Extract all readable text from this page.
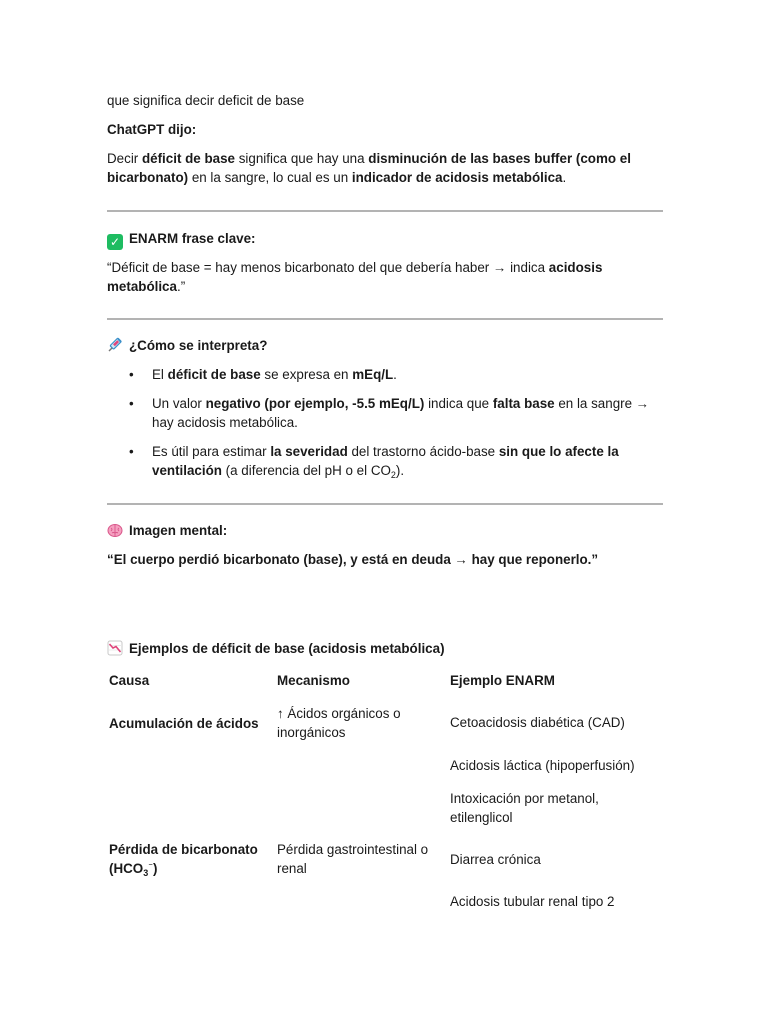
que significa decir deficit de base

ChatGPT dijo:

Decir déficit de base significa que hay una disminución de las bases buffer (como el bicarbonato) en la sangre, lo cual es un indicador de acidosis metabólica.

✓ ENARM frase clave:

“Déficit de base = hay menos bicarbonato del que debería haber → indica acidosis metabólica.”

¿Cómo se interpreta?

• El déficit de base se expresa en mEq/L.
• Un valor negativo (por ejemplo, -5.5 mEq/L) indica que falta base en la sangre → hay acidosis metabólica.
• Es útil para estimar la severidad del trastorno ácido-base sin que lo afecte la ventilación (a diferencia del pH o el $CO_2$).

Imagen mental:

“El cuerpo perdió bicarbonato (base), y está en deuda → hay que reponerlo.”

Ejemplos de déficit de base (acidosis metabólica)

Causa	Mecanismo	Ejemplo ENARM
Acumulación de ácidos
↑ Ácidos orgánicos o inorgánicos
Cetoacidosis diabética (CAD)
Acidosis láctica (hipoperfusión)
Intoxicación por metanol, etilenglicol
Pérdida de bicarbonato $(HCO_3^{^-})$
Pérdida gastrointestinal o renal
Diarrea crónica
Acidosis tubular renal tipo 2
